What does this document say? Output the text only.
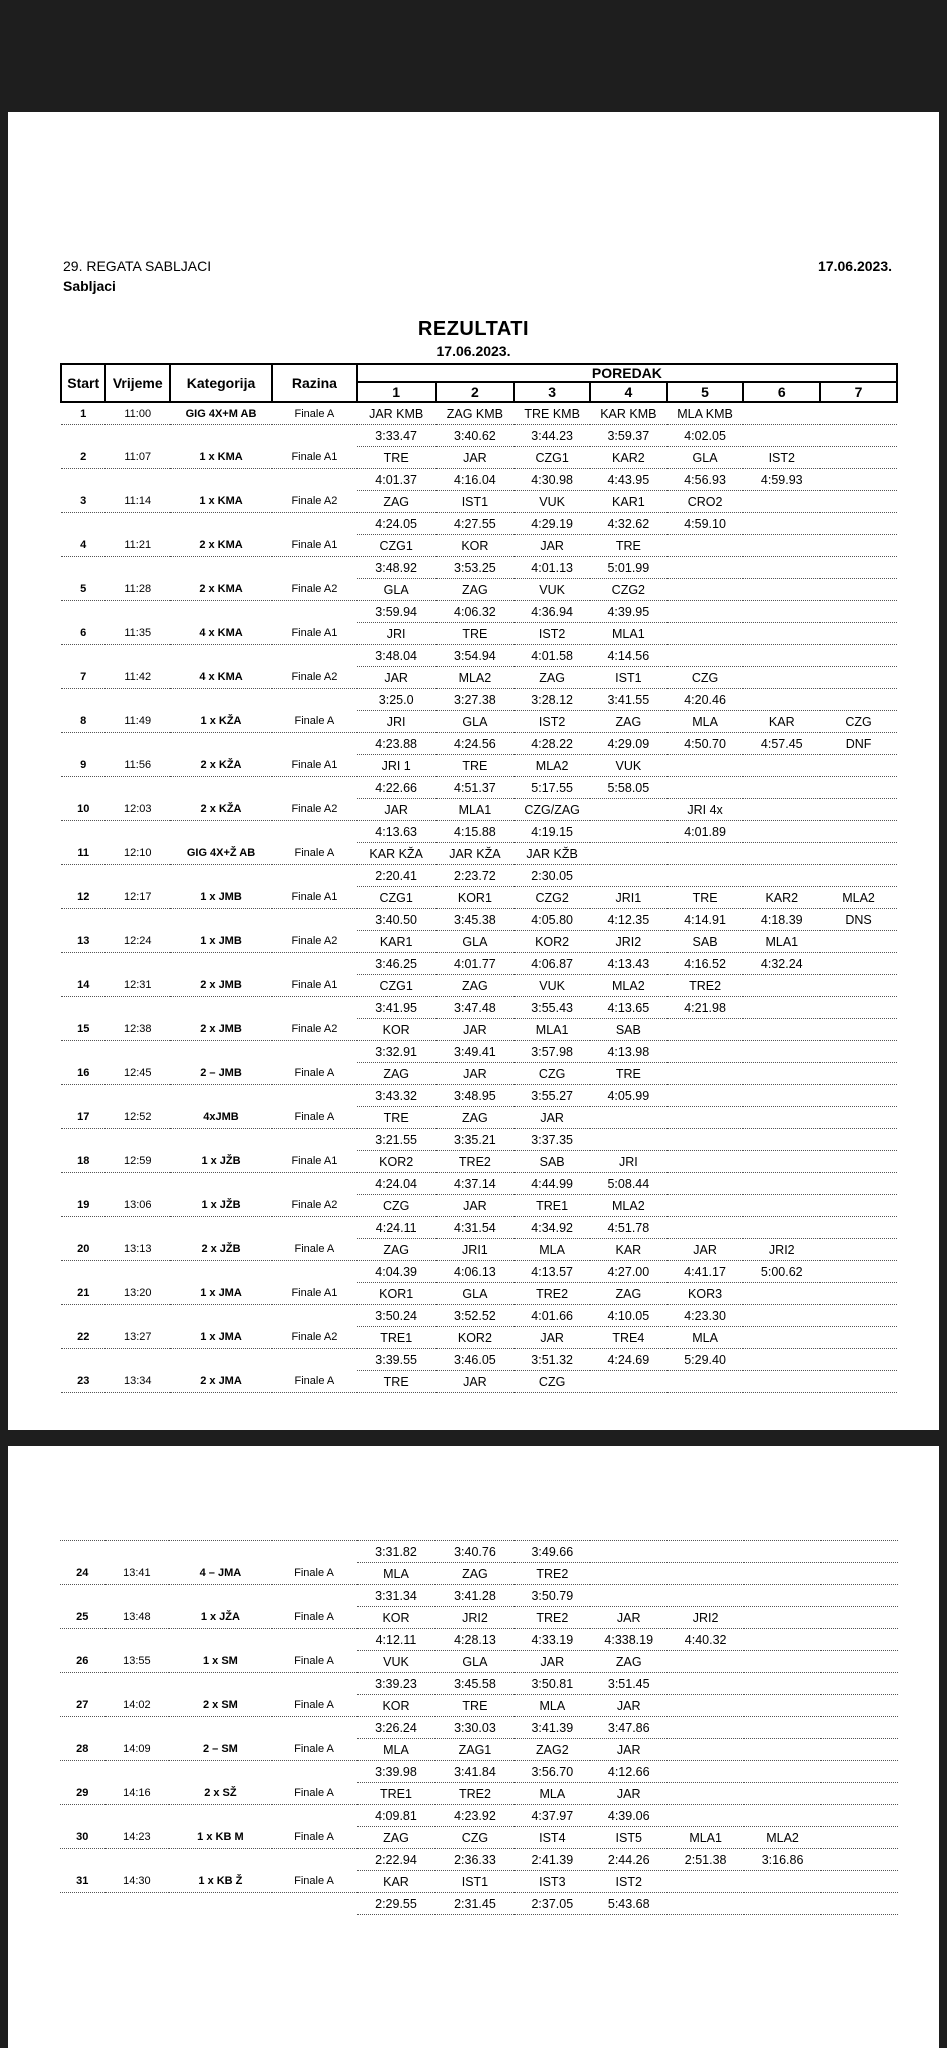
29. REGATA SABLJACI
Sabljaci
17.06.2023.
REZULTATI
17.06.2023.
Start	Vrijeme	Kategorija	Razina	POREDAK						
				1	2	3	4	5	6	7
1	11:00	GIG 4X+M AB	Finale A	JAR KMB	ZAG KMB	TRE KMB	KAR KMB	MLA KMB		
				3:33.47	3:40.62	3:44.23	3:59.37	4:02.05		
2	11:07	1 x KMA	Finale A1	TRE	JAR	CZG1	KAR2	GLA	IST2	
				4:01.37	4:16.04	4:30.98	4:43.95	4:56.93	4:59.93	
3	11:14	1 x KMA	Finale A2	ZAG	IST1	VUK	KAR1	CRO2		
				4:24.05	4:27.55	4:29.19	4:32.62	4:59.10		
4	11:21	2 x KMA	Finale A1	CZG1	KOR	JAR	TRE			
				3:48.92	3:53.25	4:01.13	5:01.99			
5	11:28	2 x KMA	Finale A2	GLA	ZAG	VUK	CZG2			
				3:59.94	4:06.32	4:36.94	4:39.95			
6	11:35	4 x KMA	Finale A1	JRI	TRE	IST2	MLA1			
				3:48.04	3:54.94	4:01.58	4:14.56			
7	11:42	4 x KMA	Finale A2	JAR	MLA2	ZAG	IST1	CZG		
				3:25.0	3:27.38	3:28.12	3:41.55	4:20.46		
8	11:49	1 x KŽA	Finale A	JRI	GLA	IST2	ZAG	MLA	KAR	CZG
				4:23.88	4:24.56	4:28.22	4:29.09	4:50.70	4:57.45	DNF
9	11:56	2 x KŽA	Finale A1	JRI 1	TRE	MLA2	VUK			
				4:22.66	4:51.37	5:17.55	5:58.05			
10	12:03	2 x KŽA	Finale A2	JAR	MLA1	CZG/ZAG		JRI 4x		
				4:13.63	4:15.88	4:19.15		4:01.89		
11	12:10	GIG 4X+Ž AB	Finale A	KAR KŽA	JAR KŽA	JAR KŽB				
				2:20.41	2:23.72	2:30.05				
12	12:17	1 x JMB	Finale A1	CZG1	KOR1	CZG2	JRI1	TRE	KAR2	MLA2
				3:40.50	3:45.38	4:05.80	4:12.35	4:14.91	4:18.39	DNS
13	12:24	1 x JMB	Finale A2	KAR1	GLA	KOR2	JRI2	SAB	MLA1	
				3:46.25	4:01.77	4:06.87	4:13.43	4:16.52	4:32.24	
14	12:31	2 x JMB	Finale A1	CZG1	ZAG	VUK	MLA2	TRE2		
				3:41.95	3:47.48	3:55.43	4:13.65	4:21.98		
15	12:38	2 x JMB	Finale A2	KOR	JAR	MLA1	SAB			
				3:32.91	3:49.41	3:57.98	4:13.98			
16	12:45	2 – JMB	Finale A	ZAG	JAR	CZG	TRE			
				3:43.32	3:48.95	3:55.27	4:05.99			
17	12:52	4xJMB	Finale A	TRE	ZAG	JAR				
				3:21.55	3:35.21	3:37.35				
18	12:59	1 x JŽB	Finale A1	KOR2	TRE2	SAB	JRI			
				4:24.04	4:37.14	4:44.99	5:08.44			
19	13:06	1 x JŽB	Finale A2	CZG	JAR	TRE1	MLA2			
				4:24.11	4:31.54	4:34.92	4:51.78			
20	13:13	2 x JŽB	Finale A	ZAG	JRI1	MLA	KAR	JAR	JRI2	
				4:04.39	4:06.13	4:13.57	4:27.00	4:41.17	5:00.62	
21	13:20	1 x JMA	Finale A1	KOR1	GLA	TRE2	ZAG	KOR3		
				3:50.24	3:52.52	4:01.66	4:10.05	4:23.30		
22	13:27	1 x JMA	Finale A2	TRE1	KOR2	JAR	TRE4	MLA		
				3:39.55	3:46.05	3:51.32	4:24.69	5:29.40		
23	13:34	2 x JMA	Finale A	TRE	JAR	CZG				

				3:31.82	3:40.76	3:49.66				
24	13:41	4 – JMA	Finale A	MLA	ZAG	TRE2				
				3:31.34	3:41.28	3:50.79				
25	13:48	1 x JŽA	Finale A	KOR	JRI2	TRE2	JAR	JRI2		
				4:12.11	4:28.13	4:33.19	4:338.19	4:40.32		
26	13:55	1 x SM	Finale A	VUK	GLA	JAR	ZAG			
				3:39.23	3:45.58	3:50.81	3:51.45			
27	14:02	2 x SM	Finale A	KOR	TRE	MLA	JAR			
				3:26.24	3:30.03	3:41.39	3:47.86			
28	14:09	2 – SM	Finale A	MLA	ZAG1	ZAG2	JAR			
				3:39.98	3:41.84	3:56.70	4:12.66			
29	14:16	2 x SŽ	Finale A	TRE1	TRE2	MLA	JAR			
				4:09.81	4:23.92	4:37.97	4:39.06			
30	14:23	1 x KB M	Finale A	ZAG	CZG	IST4	IST5	MLA1	MLA2	
				2:22.94	2:36.33	2:41.39	2:44.26	2:51.38	3:16.86	
31	14:30	1 x KB Ž	Finale A	KAR	IST1	IST3	IST2			
				2:29.55	2:31.45	2:37.05	5:43.68			
